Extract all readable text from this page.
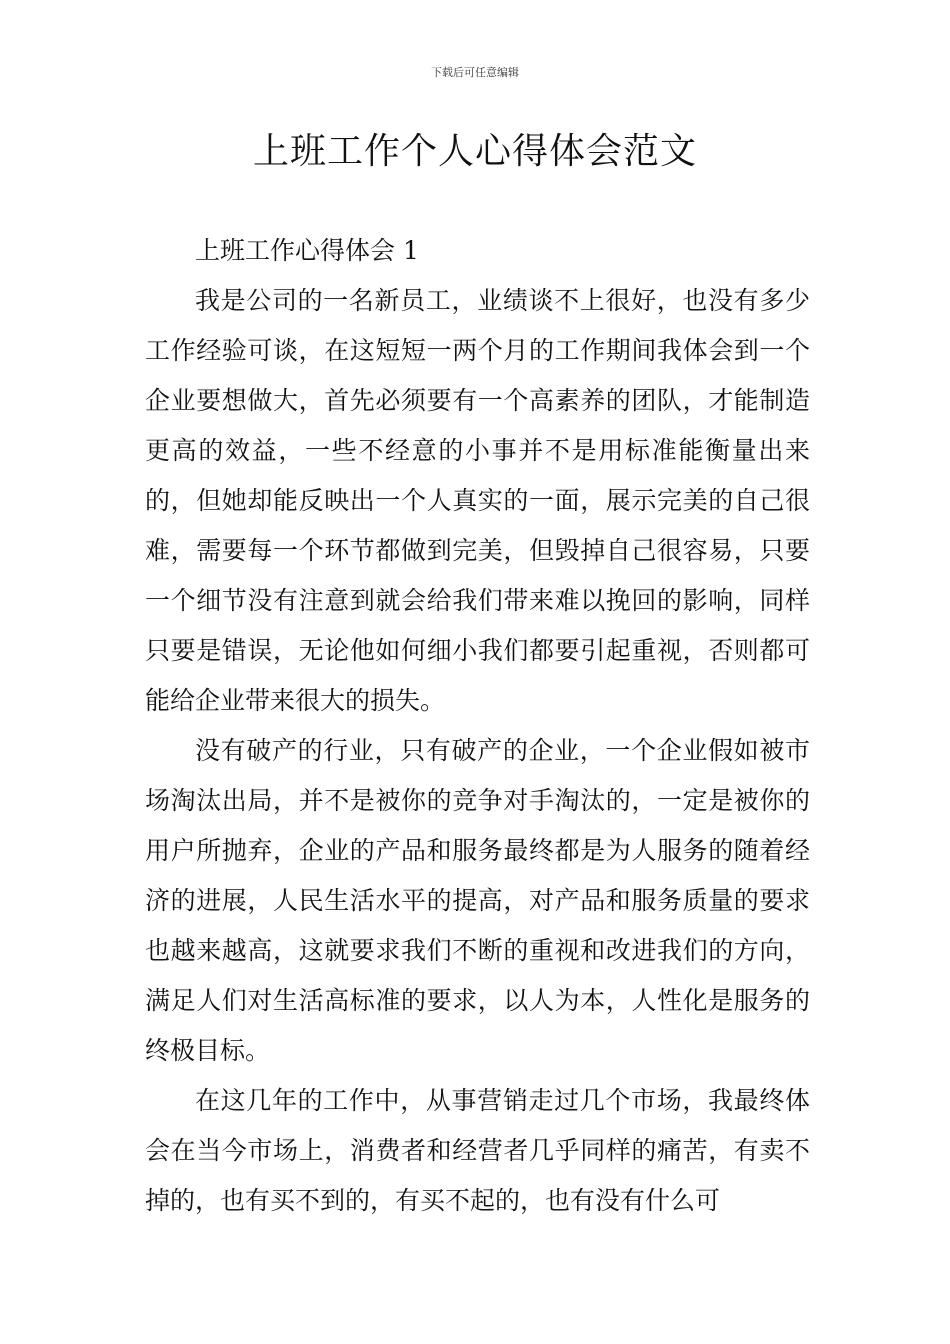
下载后可任意编辑
上班工作个人心得体会范文

上班工作心得体会 1

我是公司的一名新员工，业绩谈不上很好，也没有多少工作经验可谈，在这短短一两个月的工作期间我体会到一个企业要想做大，首先必须要有一个高素养的团队，才能制造更高的效益，一些不经意的小事并不是用标准能衡量出来的，但她却能反映出一个人真实的一面，展示完美的自己很难，需要每一个环节都做到完美，但毁掉自己很容易，只要一个细节没有注意到就会给我们带来难以挽回的影响，同样只要是错误，无论他如何细小我们都要引起重视，否则都可能给企业带来很大的损失。

没有破产的行业，只有破产的企业，一个企业假如被市场淘汰出局，并不是被你的竞争对手淘汰的，一定是被你的用户所抛弃，企业的产品和服务最终都是为人服务的随着经济的进展，人民生活水平的提高，对产品和服务质量的要求也越来越高，这就要求我们不断的重视和改进我们的方向，满足人们对生活高标准的要求，以人为本，人性化是服务的终极目标。

在这几年的工作中，从事营销走过几个市场，我最终体会在当今市场上，消费者和经营者几乎同样的痛苦，有卖不掉的，也有买不到的，有买不起的，也有没有什么可
